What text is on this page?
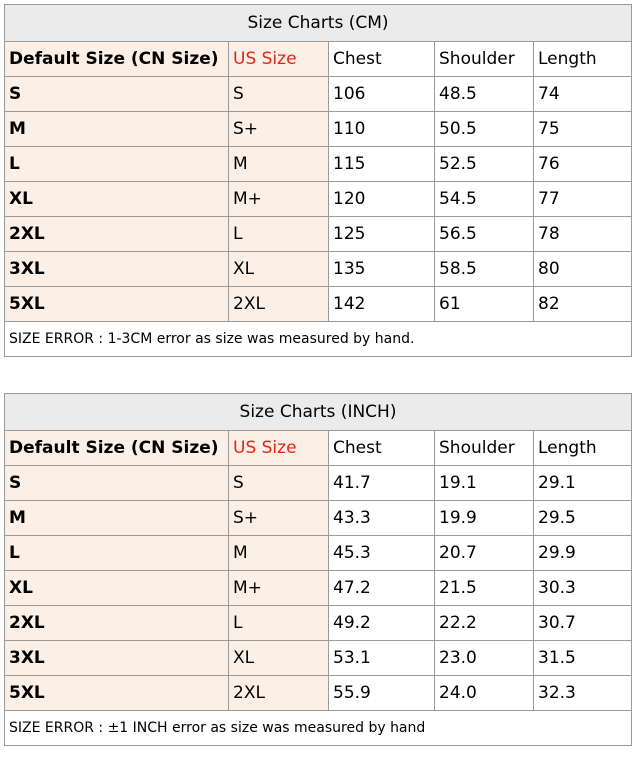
Size Charts (CM)				
Default Size (CN Size)	US Size	Chest	Shoulder	Length
S	S	106	48.5	74
M	S+	110	50.5	75
L	M	115	52.5	76
XL	M+	120	54.5	77
2XL	L	125	56.5	78
3XL	XL	135	58.5	80
5XL	2XL	142	61	82
SIZE ERROR : 1-3CM error as size was measured by hand.				
Size Charts (INCH)				
Default Size (CN Size)	US Size	Chest	Shoulder	Length
S	S	41.7	19.1	29.1
M	S+	43.3	19.9	29.5
L	M	45.3	20.7	29.9
XL	M+	47.2	21.5	30.3
2XL	L	49.2	22.2	30.7
3XL	XL	53.1	23.0	31.5
5XL	2XL	55.9	24.0	32.3
SIZE ERROR : ±1 INCH error as size was measured by hand				
